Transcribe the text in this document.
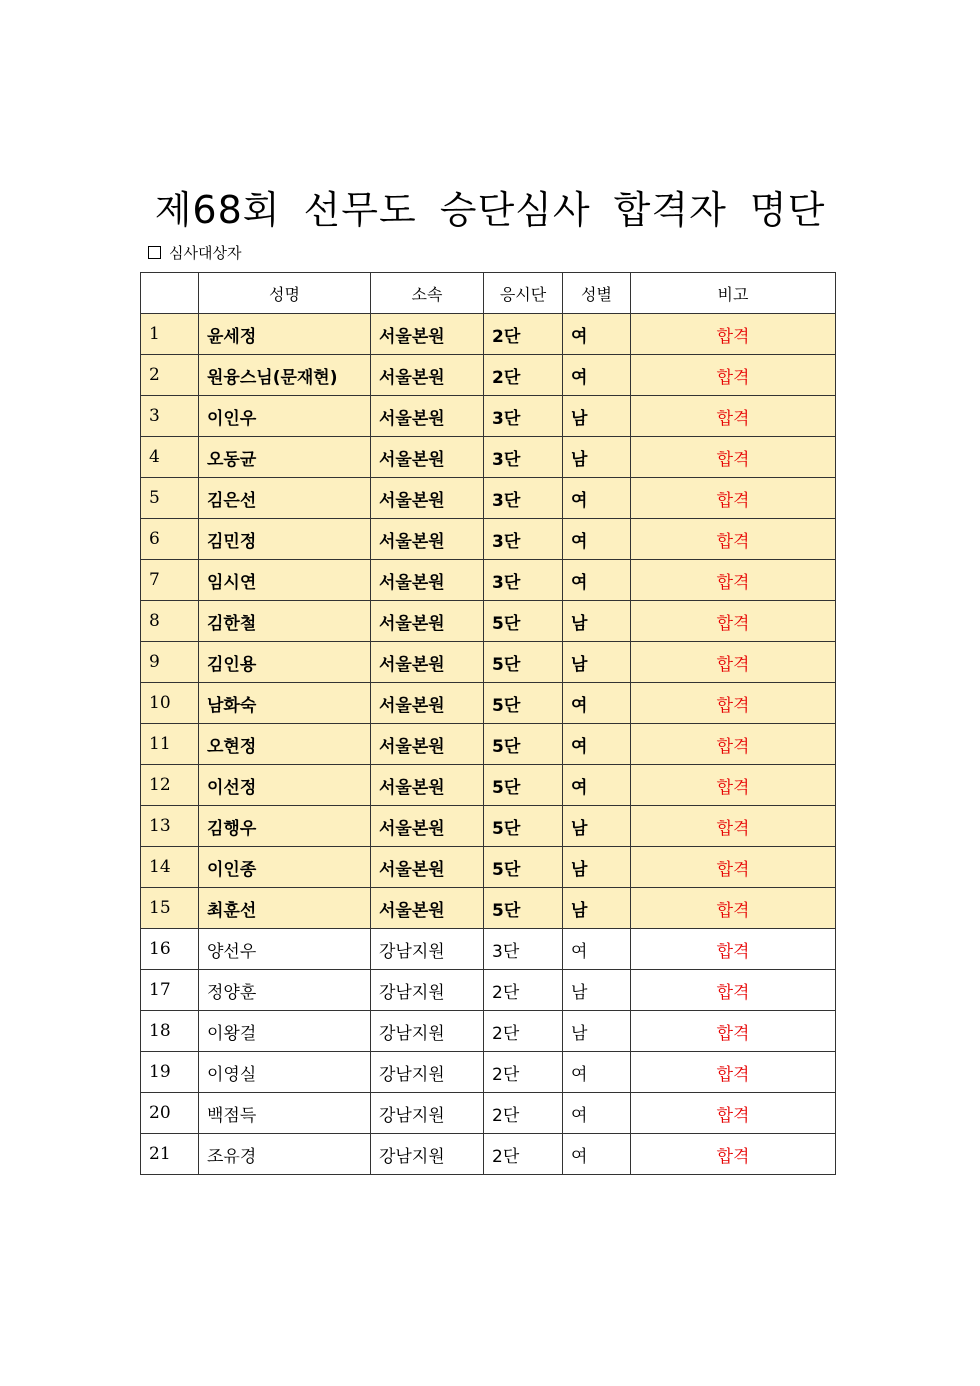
제68회 선무도 승단심사 합격자 명단
심사대상자
	성명	소속	응시단	성별	비고
1	윤세정	서울본원	2단	여	합격
2	원융스님(문재현)	서울본원	2단	여	합격
3	이인우	서울본원	3단	남	합격
4	오동균	서울본원	3단	남	합격
5	김은선	서울본원	3단	여	합격
6	김민정	서울본원	3단	여	합격
7	임시연	서울본원	3단	여	합격
8	김한철	서울본원	5단	남	합격
9	김인용	서울본원	5단	남	합격
10	남화숙	서울본원	5단	여	합격
11	오현정	서울본원	5단	여	합격
12	이선정	서울본원	5단	여	합격
13	김행우	서울본원	5단	남	합격
14	이인종	서울본원	5단	남	합격
15	최훈선	서울본원	5단	남	합격
16	양선우	강남지원	3단	여	합격
17	정양훈	강남지원	2단	남	합격
18	이왕걸	강남지원	2단	남	합격
19	이영실	강남지원	2단	여	합격
20	백점득	강남지원	2단	여	합격
21	조유경	강남지원	2단	여	합격
